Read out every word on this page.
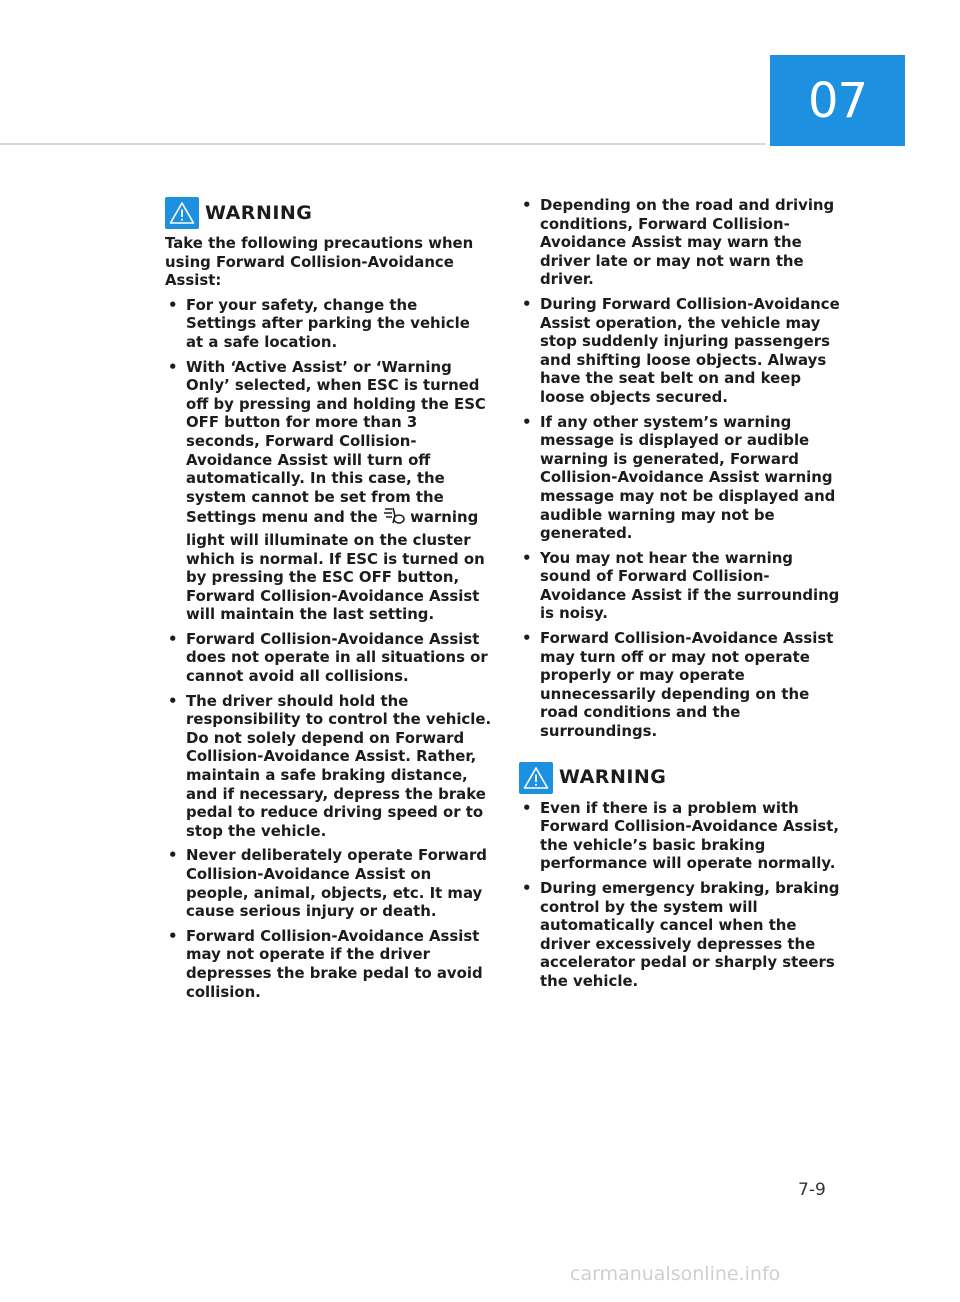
07
WARNING

Take the following precautions when using Forward Collision-Avoidance Assist:

• For your safety, change the Settings after parking the vehicle at a safe location.
• With ‘Active Assist’ or ‘Warning Only’ selected, when ESC is turned off by pressing and holding the ESC OFF button for more than 3 seconds, Forward Collision-Avoidance Assist will turn off automatically. In this case, the system cannot be set from the Settings menu and the  warning light will illuminate on the cluster which is normal. If ESC is turned on by pressing the ESC OFF button, Forward Collision-Avoidance Assist will maintain the last setting.
• Forward Collision-Avoidance Assist does not operate in all situations or cannot avoid all collisions.
• The driver should hold the responsibility to control the vehicle. Do not solely depend on Forward Collision-Avoidance Assist. Rather, maintain a safe braking distance, and if necessary, depress the brake pedal to reduce driving speed or to stop the vehicle.
• Never deliberately operate Forward Collision-Avoidance Assist on people, animal, objects, etc. It may cause serious injury or death.
• Forward Collision-Avoidance Assist may not operate if the driver depresses the brake pedal to avoid collision.
• Depending on the road and driving conditions, Forward Collision-Avoidance Assist may warn the driver late or may not warn the driver.
• During Forward Collision-Avoidance Assist operation, the vehicle may stop suddenly injuring passengers and shifting loose objects. Always have the seat belt on and keep loose objects secured.
• If any other system’s warning message is displayed or audible warning is generated, Forward Collision-Avoidance Assist warning message may not be displayed and audible warning may not be generated.
• You may not hear the warning sound of Forward Collision-Avoidance Assist if the surrounding is noisy.
• Forward Collision-Avoidance Assist may turn off or may not operate properly or may operate unnecessarily depending on the road conditions and the surroundings.
WARNING
• Even if there is a problem with Forward Collision-Avoidance Assist, the vehicle’s basic braking performance will operate normally.
• During emergency braking, braking control by the system will automatically cancel when the driver excessively depresses the accelerator pedal or sharply steers the vehicle.
7-9
carmanualsonline.info
